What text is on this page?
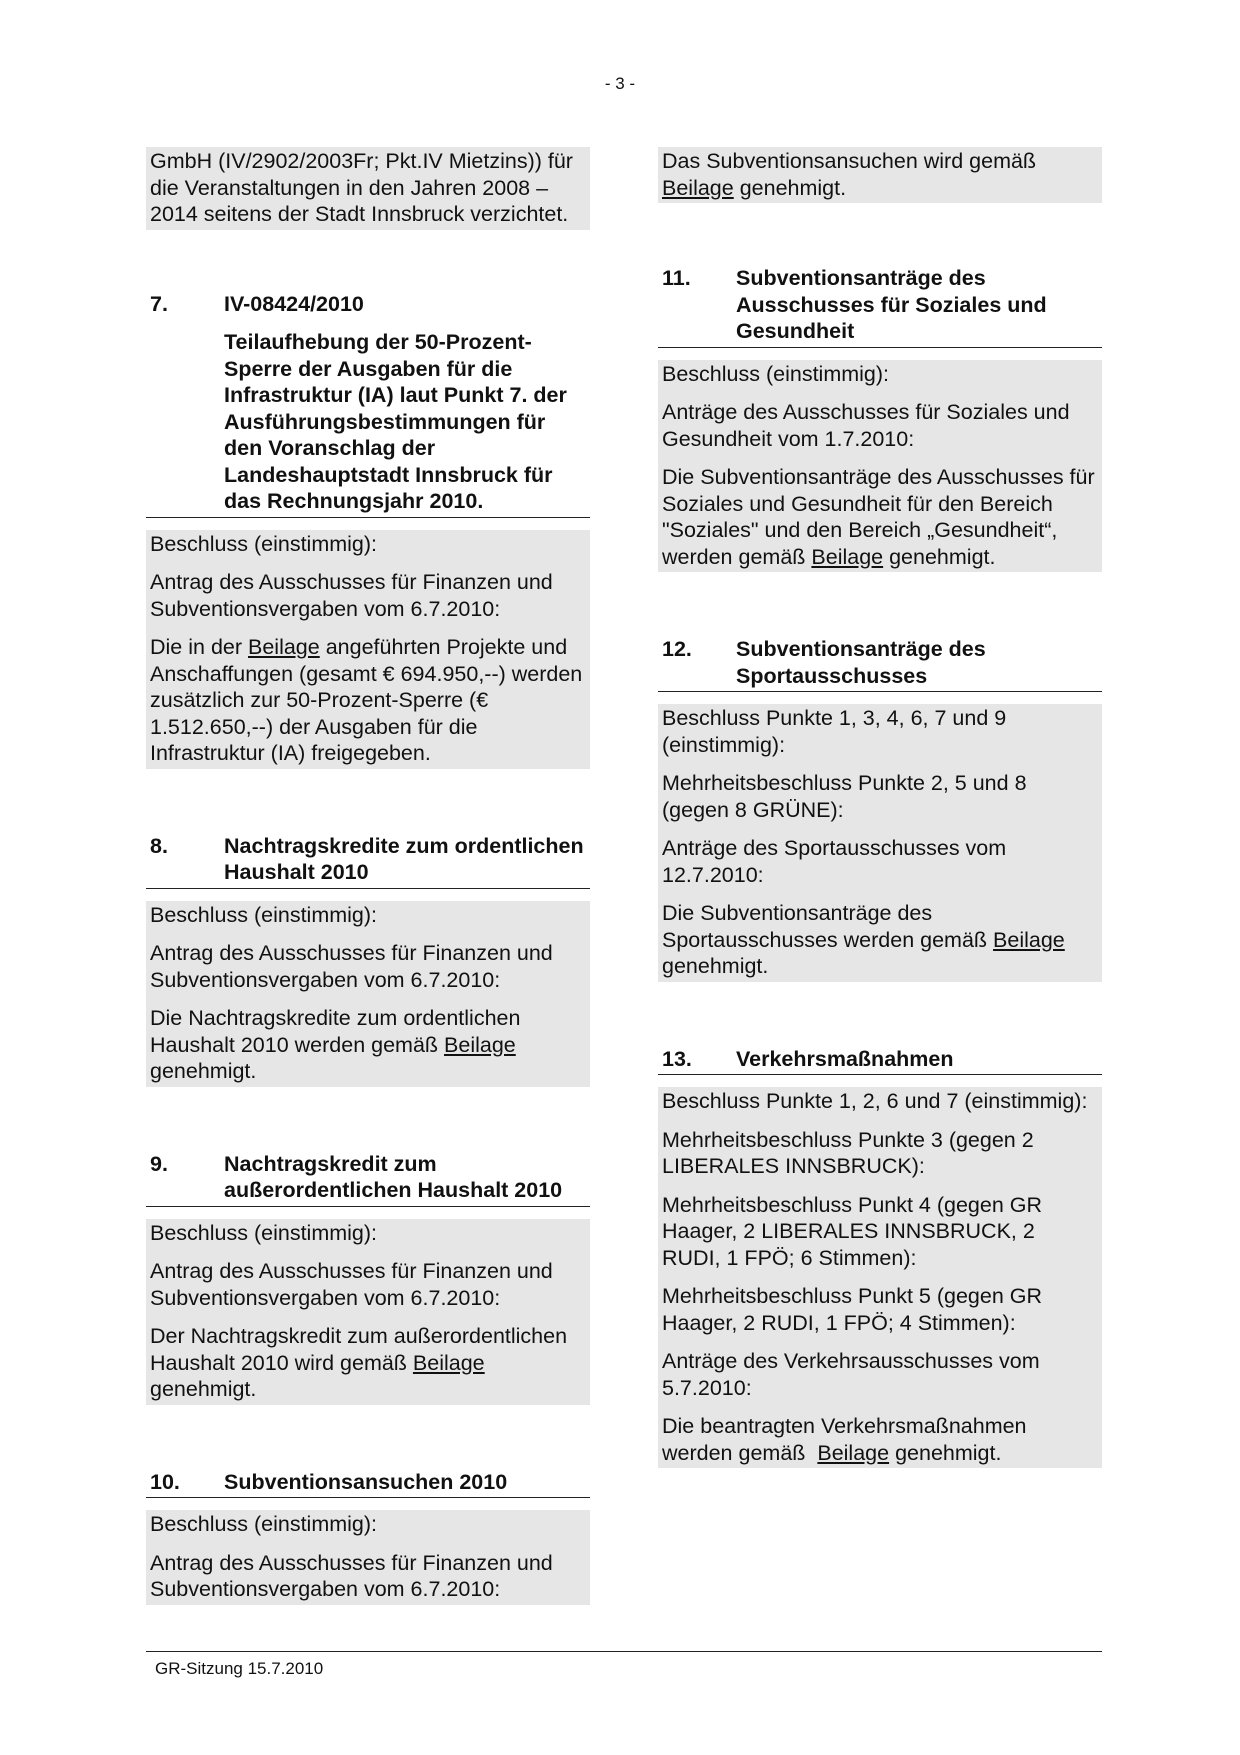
- 3 -

GmbH (IV/2902/2003Fr; Pkt.IV Mietzins)) für die Veranstaltungen in den Jahren 2008 – 2014 seitens der Stadt Innsbruck verzichtet.

7.	IV-08424/2010
Teilaufhebung der 50-Prozent-Sperre der Ausgaben für die Infrastruktur (IA) laut Punkt 7. der Ausführungsbestimmungen für den Voranschlag der Landeshauptstadt Innsbruck für das Rechnungsjahr 2010.

Beschluss (einstimmig):

Antrag des Ausschusses für Finanzen und Subventionsvergaben vom 6.7.2010:

Die in der Beilage angeführten Projekte und Anschaffungen (gesamt € 694.950,--) werden zusätzlich zur 50-Prozent-Sperre (€ 1.512.650,--) der Ausgaben für die Infrastruktur (IA) freigegeben.

8.	Nachtragskredite zum ordentlichen Haushalt 2010

Beschluss (einstimmig):

Antrag des Ausschusses für Finanzen und Subventionsvergaben vom 6.7.2010:

Die Nachtragskredite zum ordentlichen Haushalt 2010 werden gemäß Beilage genehmigt.

9.	Nachtragskredit zum außerordentlichen Haushalt 2010

Beschluss (einstimmig):

Antrag des Ausschusses für Finanzen und Subventionsvergaben vom 6.7.2010:

Der Nachtragskredit zum außerordentlichen Haushalt 2010 wird gemäß Beilage genehmigt.

10.	Subventionsansuchen 2010

Beschluss (einstimmig):

Antrag des Ausschusses für Finanzen und Subventionsvergaben vom 6.7.2010:

Das Subventionsansuchen wird gemäß Beilage genehmigt.

11.	Subventionsanträge des Ausschusses für Soziales und Gesundheit

Beschluss (einstimmig):

Anträge des Ausschusses für Soziales und Gesundheit vom 1.7.2010:

Die Subventionsanträge des Ausschusses für Soziales und Gesundheit für den Bereich "Soziales" und den Bereich „Gesundheit“, werden gemäß Beilage genehmigt.

12.	Subventionsanträge des Sportausschusses

Beschluss Punkte 1, 3, 4, 6, 7 und 9 (einstimmig):

Mehrheitsbeschluss Punkte 2, 5 und 8 (gegen 8 GRÜNE):

Anträge des Sportausschusses vom 12.7.2010:

Die Subventionsanträge des Sportausschusses werden gemäß Beilage genehmigt.

13.	Verkehrsmaßnahmen

Beschluss Punkte 1, 2, 6 und 7 (einstimmig):

Mehrheitsbeschluss Punkte 3 (gegen 2 LIBERALES INNSBRUCK):

Mehrheitsbeschluss Punkt 4 (gegen GR Haager, 2 LIBERALES INNSBRUCK, 2 RUDI, 1 FPÖ; 6 Stimmen):

Mehrheitsbeschluss Punkt 5 (gegen GR Haager, 2 RUDI, 1 FPÖ; 4 Stimmen):

Anträge des Verkehrsausschusses vom 5.7.2010:

Die beantragten Verkehrsmaßnahmen werden gemäß  Beilage genehmigt.

GR-Sitzung 15.7.2010
